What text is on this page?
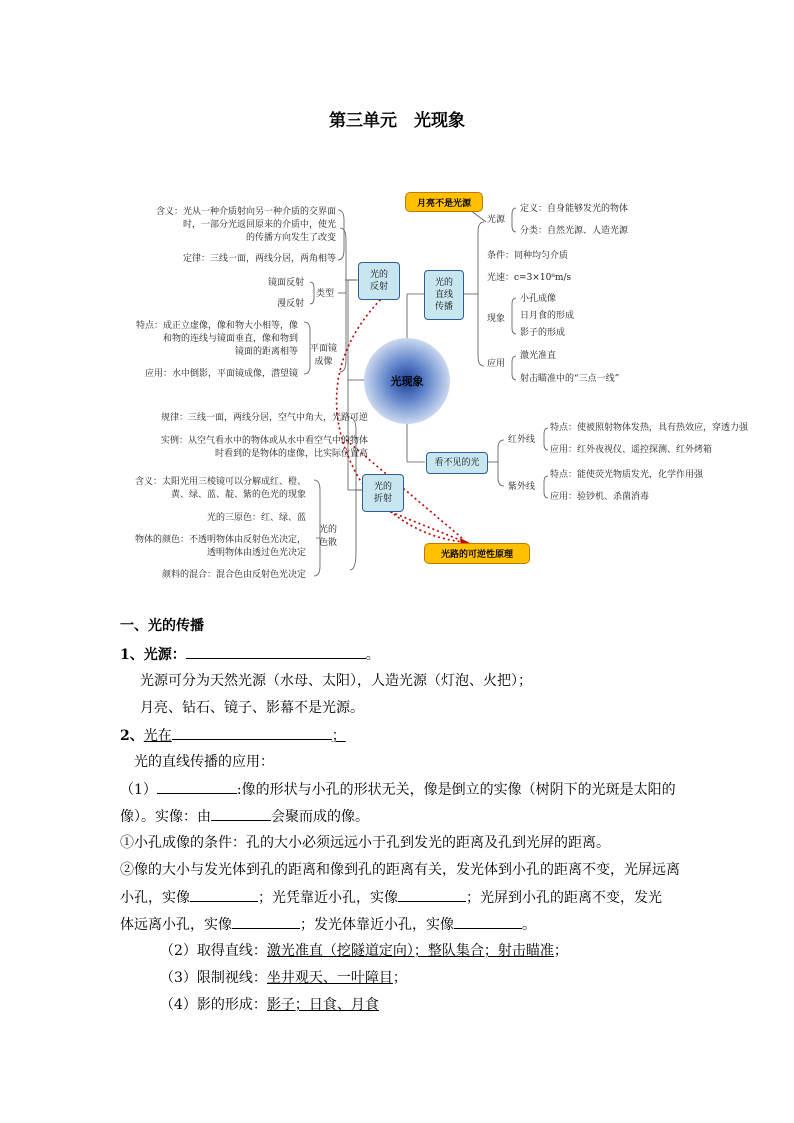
第三单元　光现象
光现象
月亮不是光源
光路的可逆性原理
光的
反射	光的
直线
传播
看不见的光
光的
折射
含义：光从一种介质射向另一种介质的交界面
时，一部分光返回原来的介质中，使光
的传播方向发生了改变
定律：三线一面，两线分居，两角相等
镜面反射
漫反射
类型
特点：成正立虚像，像和物大小相等，像
和物的连线与镜面垂直，像和物到
镜面的距离相等
应用：水中倒影，平面镜成像，潜望镜
平面镜
成像
规律：三线一面，两线分居，空气中角大，光路可逆
实例：从空气看水中的物体或从水中看空气中的物体
时看到的是物体的虚像，比实际位置高
含义：太阳光用三棱镜可以分解成红、橙、
黄、绿、蓝、靛、紫的色光的现象
光的三原色：红、绿、蓝
物体的颜色：不透明物体由反射色光决定，
透明物体由透过色光决定
颜料的混合：混合色由反射色光决定
光的
色散
光源
定义：自身能够发光的物体
分类：自然光源、人造光源
条件：同种均匀介质
光速：c=3×10⁸m/s
现象
小孔成像
日月食的形成
影子的形成
应用
激光准直
射击瞄准中的“三点一线”
红外线
特点：使被照射物体发热，具有热效应，穿透力强
应用：红外夜视仪、遥控探测、红外烤箱
紫外线
特点：能使荧光物质发光，化学作用强
应用：验钞机、杀菌消毒
一、光的传播
1、光源：	。
光源可分为天然光源（水母、太阳），人造光源（灯泡、火把）；
月亮、钻石、镜子、影幕不是光源。
2、光在	；
光的直线传播的应用：
（1）	:像的形状与小孔的形状无关，像是倒立的实像（树阴下的光斑是太阳的
像）。实像：由	会聚而成的像。
①小孔成像的条件：孔的大小必须远远小于孔到发光的距离及孔到光屏的距离。
②像的大小与发光体到孔的距离和像到孔的距离有关，发光体到小孔的距离不变，光屏远离
小孔，实像	；光凭靠近小孔，实像	；光屏到小孔的距离不变，发光
体远离小孔，实像	；发光体靠近小孔，实像	。
（2）取得直线：激光准直（挖隧道定向）；整队集合；射击瞄准；
（3）限制视线：坐井观天、一叶障目；
（4）影的形成：影子；日食、月食
